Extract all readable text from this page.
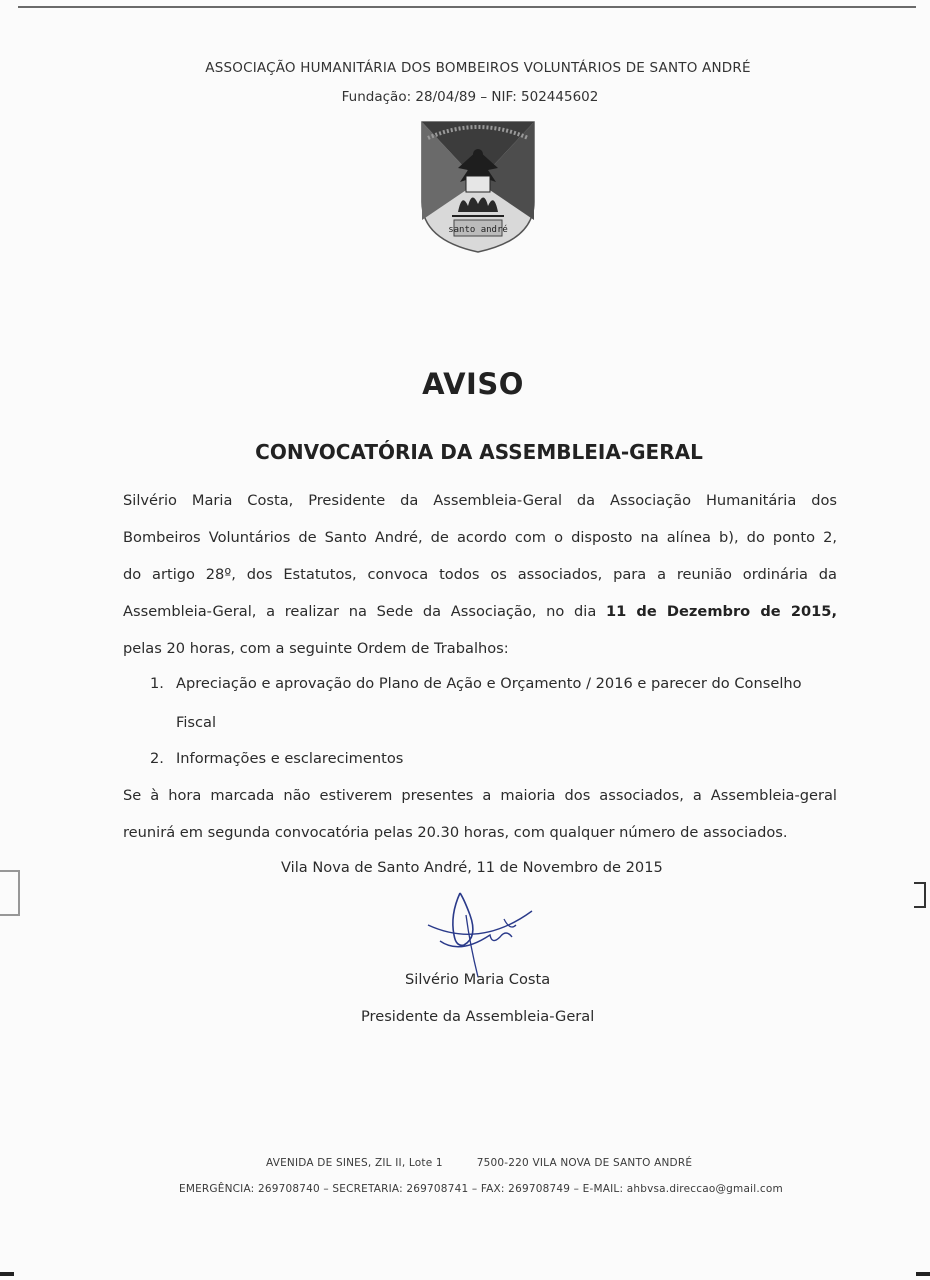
ASSOCIAÇÃO HUMANITÁRIA DOS BOMBEIROS VOLUNTÁRIOS DE SANTO ANDRÉ
Fundação: 28/04/89 – NIF: 502445602
santo andré
AVISO
CONVOCATÓRIA DA ASSEMBLEIA-GERAL
Silvério Maria Costa, Presidente da Assembleia-Geral da Associação Humanitária dos
Bombeiros Voluntários de Santo André, de acordo com o disposto na alínea b), do ponto 2,
do artigo 28º, dos Estatutos, convoca todos os associados, para a reunião ordinária da
Assembleia-Geral, a realizar na Sede da Associação, no dia 11 de Dezembro de 2015,
pelas 20 horas, com a seguinte Ordem de Trabalhos:
1. Apreciação e aprovação do Plano de Ação e Orçamento / 2016 e parecer do Conselho
Fiscal
2. Informações e esclarecimentos
Se à hora marcada não estiverem presentes a maioria dos associados, a Assembleia-geral
reunirá em segunda convocatória pelas 20.30 horas, com qualquer número de associados.
Vila Nova de Santo André, 11 de Novembro de 2015
Silvério Maria Costa
Presidente da Assembleia-Geral
AVENIDA DE SINES, ZIL II, Lote 1	7500-220 VILA NOVA DE SANTO ANDRÉ
EMERGÊNCIA: 269708740 – SECRETARIA: 269708741 – FAX: 269708749 – E-MAIL: ahbvsa.direccao@gmail.com
